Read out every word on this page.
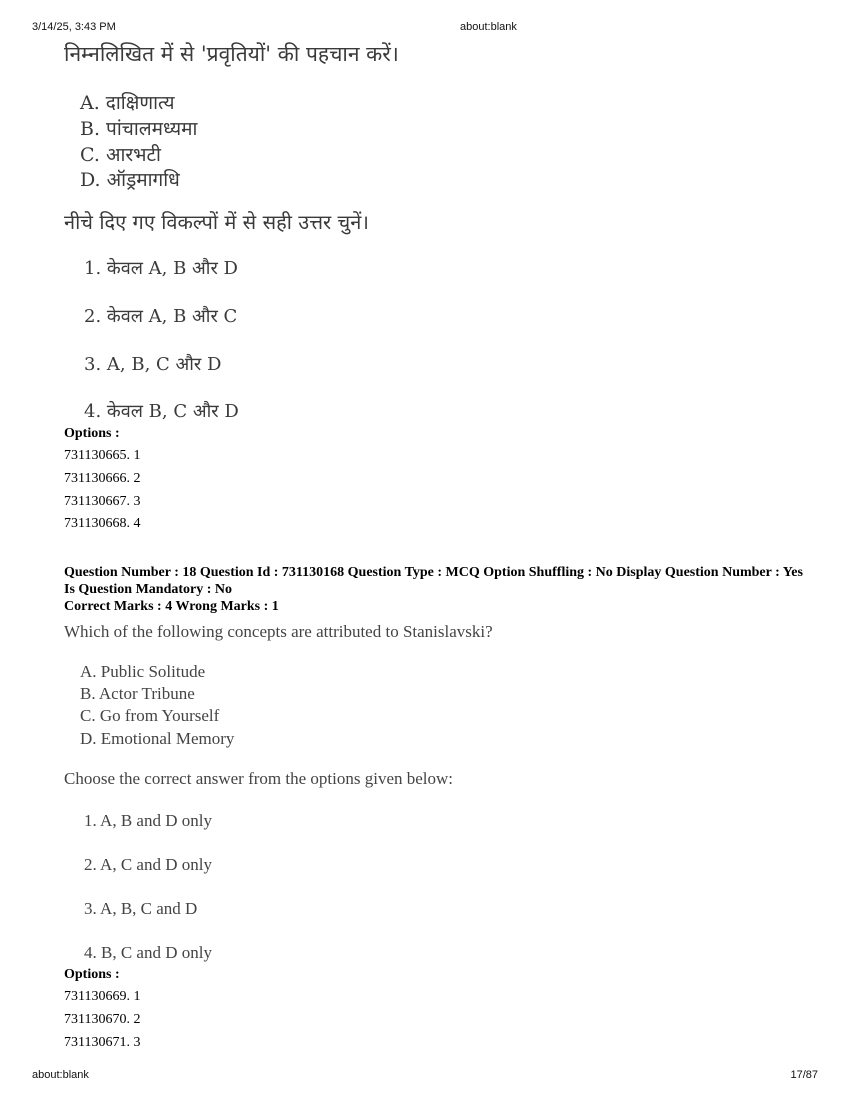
3/14/25, 3:43 PM	about:blank
निम्नलिखित में से 'प्रवृतियों' की पहचान करें।
A. दाक्षिणात्य
B. पांचालमध्यमा
C. आरभटी
D. ऑड्रमागधि
नीचे दिए गए विकल्पों में से सही उत्तर चुनें।
1. केवल A, B और D
2. केवल A, B और C
3. A, B, C और D
4. केवल B, C और D
Options :
731130665. 1
731130666. 2
731130667. 3
731130668. 4
Question Number : 18 Question Id : 731130168 Question Type : MCQ Option Shuffling : No Display Question Number : Yes Is Question Mandatory : No
Correct Marks : 4 Wrong Marks : 1
Which of the following concepts are attributed to Stanislavski?
A. Public Solitude
B. Actor Tribune
C. Go from Yourself
D. Emotional Memory
Choose the correct answer from the options given below:
1. A, B and D only
2. A, C and D only
3. A, B, C and D
4. B, C and D only
Options :
731130669. 1
731130670. 2
731130671. 3
about:blank	17/87
